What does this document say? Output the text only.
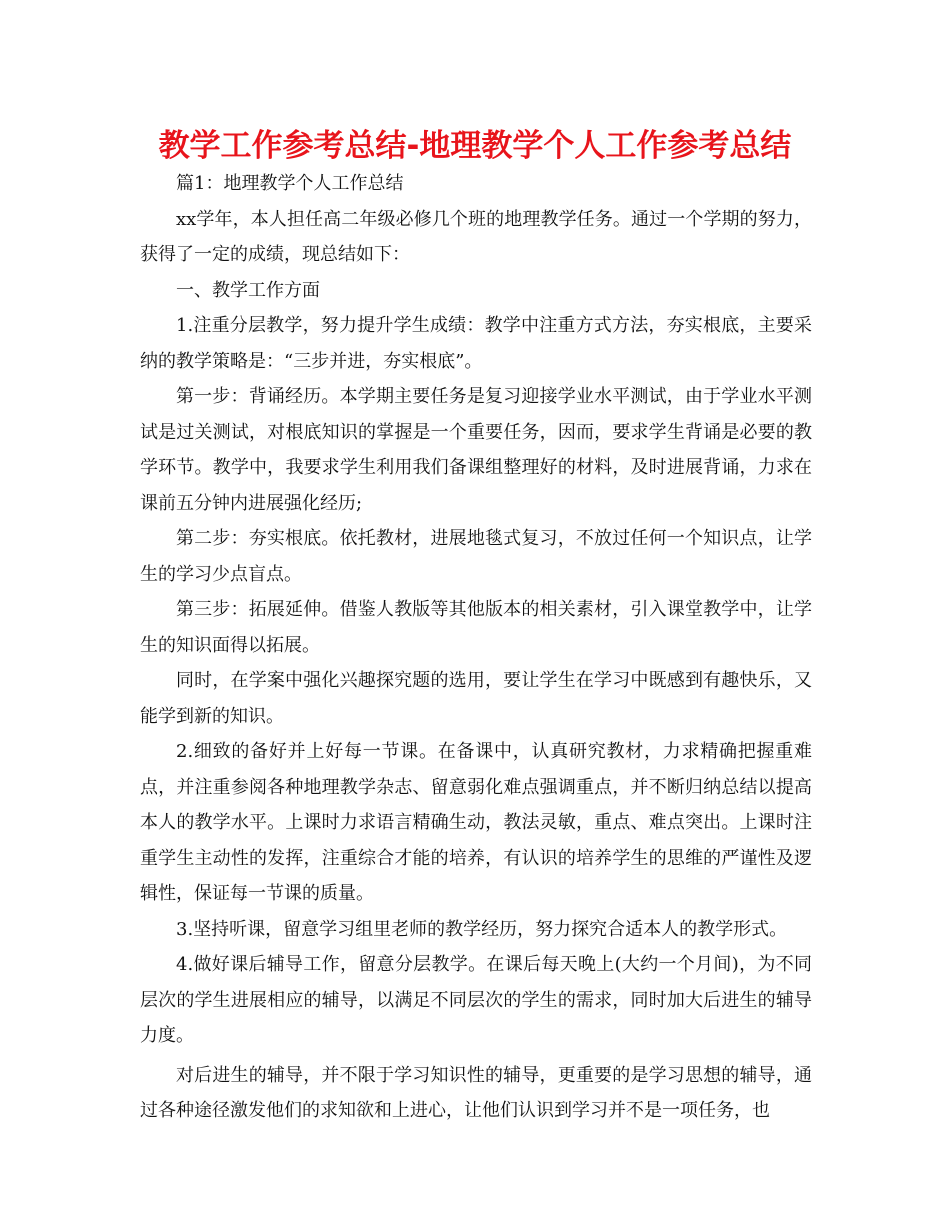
教学工作参考总结-地理教学个人工作参考总结

篇1：地理教学个人工作总结

xx学年，本人担任高二年级必修几个班的地理教学任务。通过一个学期的努力，获得了一定的成绩，现总结如下：

一、教学工作方面

1.注重分层教学，努力提升学生成绩：教学中注重方式方法，夯实根底，主要采纳的教学策略是：“三步并进，夯实根底”。

第一步：背诵经历。本学期主要任务是复习迎接学业水平测试，由于学业水平测试是过关测试，对根底知识的掌握是一个重要任务，因而，要求学生背诵是必要的教学环节。教学中，我要求学生利用我们备课组整理好的材料，及时进展背诵，力求在课前五分钟内进展强化经历;

第二步：夯实根底。依托教材，进展地毯式复习，不放过任何一个知识点，让学生的学习少点盲点。

第三步：拓展延伸。借鉴人教版等其他版本的相关素材，引入课堂教学中，让学生的知识面得以拓展。

同时，在学案中强化兴趣探究题的选用，要让学生在学习中既感到有趣快乐，又能学到新的知识。

2.细致的备好并上好每一节课。在备课中，认真研究教材，力求精确把握重难点，并注重参阅各种地理教学杂志、留意弱化难点强调重点，并不断归纳总结以提高本人的教学水平。上课时力求语言精确生动，教法灵敏，重点、难点突出。上课时注重学生主动性的发挥，注重综合才能的培养，有认识的培养学生的思维的严谨性及逻辑性，保证每一节课的质量。

3.坚持听课，留意学习组里老师的教学经历，努力探究合适本人的教学形式。

4.做好课后辅导工作，留意分层教学。在课后每天晚上(大约一个月间)，为不同层次的学生进展相应的辅导，以满足不同层次的学生的需求，同时加大后进生的辅导力度。

对后进生的辅导，并不限于学习知识性的辅导，更重要的是学习思想的辅导，通过各种途径激发他们的求知欲和上进心，让他们认识到学习并不是一项任务，也
